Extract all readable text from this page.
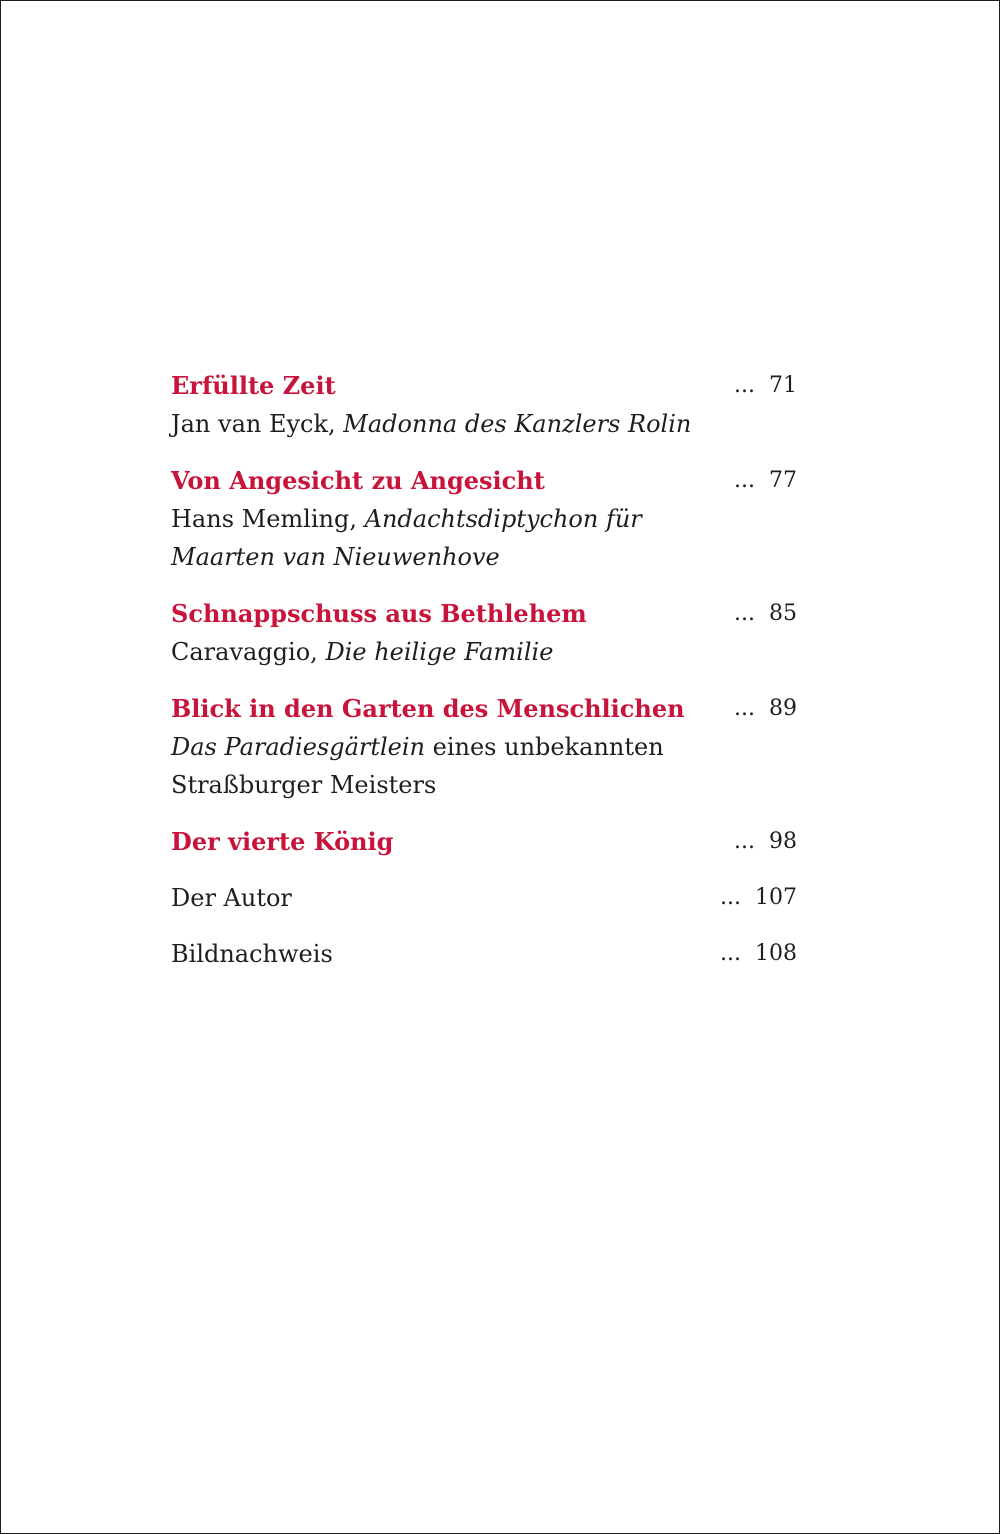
Erfüllte Zeit	... 71
Jan van Eyck, Madonna des Kanzlers Rolin
Von Angesicht zu Angesicht	... 77
Hans Memling, Andachtsdiptychon für
Maarten van Nieuwenhove
Schnappschuss aus Bethlehem	... 85
Caravaggio, Die heilige Familie
Blick in den Garten des Menschlichen	... 89
Das Paradiesgärtlein eines unbekannten
Straßburger Meisters
Der vierte König	... 98
Der Autor	... 107
Bildnachweis	... 108
